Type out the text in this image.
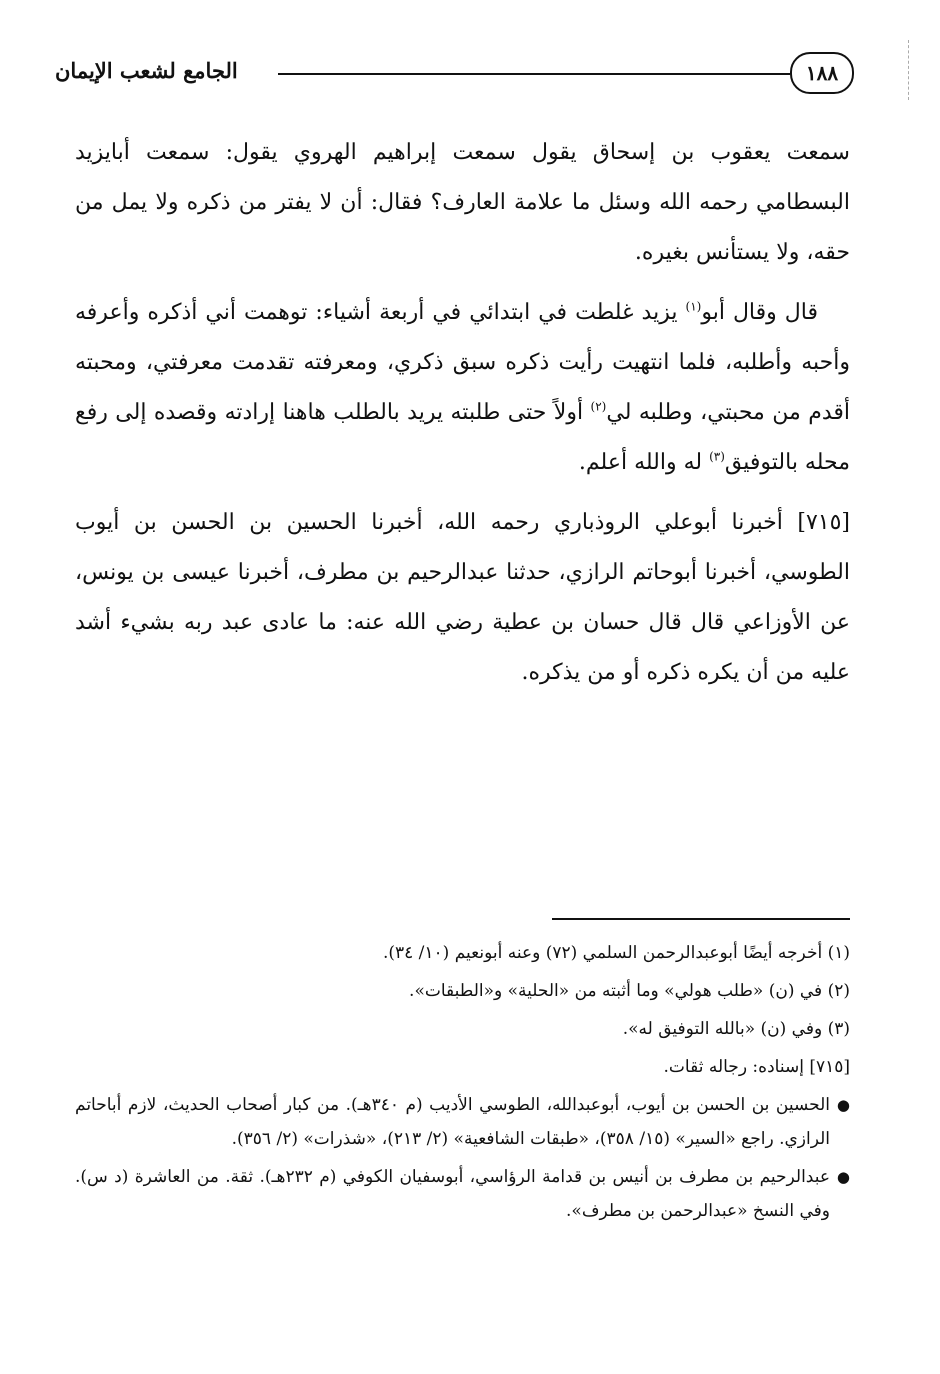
١٨٨
الجامع لشعب الإيمان

سمعت يعقوب بن إسحاق يقول سمعت إبراهيم الهروي يقول: سمعت أبايزيد البسطامي رحمه الله وسئل ما علامة العارف؟ فقال: أن لا يفتر من ذكره ولا يمل من حقه، ولا يستأنس بغيره.

قال وقال أبو$^{(١)}$ يزيد غلطت في ابتدائي في أربعة أشياء: توهمت أني أذكره وأعرفه وأحبه وأطلبه، فلما انتهيت رأيت ذكره سبق ذكري، ومعرفته تقدمت معرفتي، ومحبته أقدم من محبتي، وطلبه لي$^{(٢)}$ أولاً حتى طلبته يريد بالطلب هاهنا إرادته وقصده إلى رفع محله بالتوفيق$^{(٣)}$ له والله أعلم.

[٧١٥] أخبرنا أبوعلي الروذباري رحمه الله، أخبرنا الحسين بن الحسن بن أيوب الطوسي، أخبرنا أبوحاتم الرازي، حدثنا عبدالرحيم بن مطرف، أخبرنا عيسى بن يونس، عن الأوزاعي قال قال حسان بن عطية رضي الله عنه: ما عادى عبد ربه بشيء أشد عليه من أن يكره ذكره أو من يذكره.

(١) أخرجه أيضًا أبوعبدالرحمن السلمي (٧٢) وعنه أبونعيم (١٠/ ٣٤).
(٢) في (ن) «طلب هولي» وما أثبته من «الحلية» و«الطبقات».
(٣) وفي (ن) «بالله التوفيق له».
[٧١٥] إسناده: رجاله ثقات.
●
الحسين بن الحسن بن أيوب، أبوعبدالله، الطوسي الأديب (م ٣٤٠هـ). من كبار أصحاب الحديث، لازم أباحاتم الرازي. راجع «السير» (١٥/ ٣٥٨)، «طبقات الشافعية» (٢/ ٢١٣)، «شذرات» (٢/ ٣٥٦).
●
عبدالرحيم بن مطرف بن أنيس بن قدامة الرؤاسي، أبوسفيان الكوفي (م ٢٣٢هـ). ثقة. من العاشرة (د س). وفي النسخ «عبدالرحمن بن مطرف».
